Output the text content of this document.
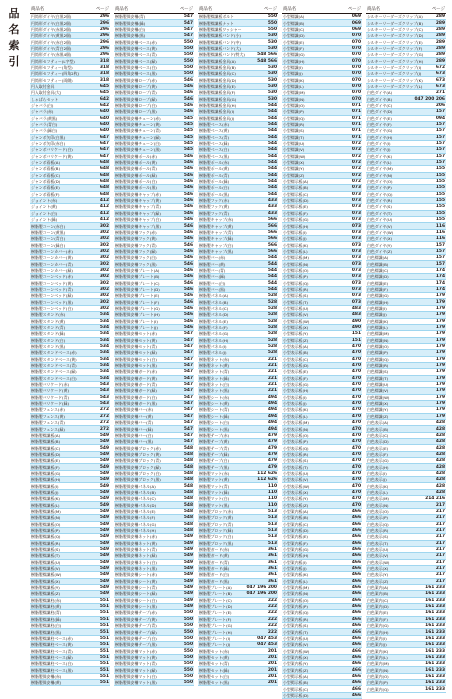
品
名
索
引
商品名	ページ
円筒形ダイヤ(白黒2個)	296
円筒形ダイヤ(白黒2個)	296
円筒形ダイヤ(赤黒2個)	296
円筒形ダイヤ(黄黒2個)	296
円筒形ダイヤ(赤白2個)	296
円筒形ダイヤ(青白2個)	296
円筒形ダイヤ(赤黒4個)	296
円筒形セフティー(L字型)	318
円筒形セフティー(角型)	318
円筒形セフティー(四角2枚)	318
円筒形セフティー(両側)	318
円入取付金具	645
円入取付金具(大)	645
しゃばらセット	642
ジャバラ(白)	642
ジャバラ(赤)	640
ジャバラ(黄黒)	640
ジャバラ(青白)	640
ジャバラ(緑白)	640
ジャンボ矢印(白黒)	647
ジャンボ矢印(赤白)	647
ジャンボバリケード(白)	647
ジャンボバリケード(黄)	647
ジャンボ看板(A)	648
ジャンボ看板(B)	648
ジャンボ看板(C)	648
ジャンボ看板(D)	648
ジャンボ看板(E)	648
ジャンボ看板(F)	648
ジョイント(赤)	412
ジョイント(黄)	412
ジョイント(白)	412
ジョイント(緑)	412
樹脂製コーン(赤白)	302
樹脂製コーン(黄黒)	302
樹脂製コーン(青白)	302
樹脂製コーン(緑白)	302
樹脂製コーンカバー(赤)	302
樹脂製コーンカバー(黄)	302
樹脂製コーンカバー(青)	302
樹脂製コーンカバー(緑)	302
樹脂製コーンベッド(赤)	302
樹脂製コーンベッド(黄)	302
樹脂製コーンベッド(青)	302
樹脂製コーンベッド(緑)	302
樹脂製コーンベッド(黒)	302
樹脂製コーンベッド(白)	302
樹脂製スタンド(赤)	534
樹脂製スタンド(黄)	534
樹脂製スタンド(青)	534
樹脂製スタンド(緑)	534
樹脂製スタンド(白)	534
樹脂製スタンド(黒)	534
樹脂製スタンドベース(赤)	534
樹脂製スタンドベース(黄)	534
樹脂製スタンドベース(青)	534
樹脂製スタンドベース(緑)	534
樹脂製スタンドベース(白)	534
樹脂製バリケード(赤)	543
樹脂製バリケード(黄)	543
樹脂製バリケード(青)	543
樹脂製バリケード(緑)	543
樹脂製フェンス(赤)	272
樹脂製フェンス(黄)	272
樹脂製フェンス(青)	272
樹脂製フェンス(緑)	272
樹脂製標識板(A)	549
樹脂製標識板(B)	549
樹脂製標識板(C)	549
樹脂製標識板(D)	549
樹脂製標識板(E)	549
樹脂製標識板(F)	549
樹脂製標識板(G)	549
樹脂製標識板(H)	549
樹脂製標識板(I)	549
樹脂製標識板(J)	549
樹脂製標識板(K)	549
樹脂製標識板(L)	549
樹脂製標識板(M)	549
樹脂製標識板(N)	549
樹脂製標識板(O)	549
樹脂製標識板(P)	549
樹脂製標識板(Q)	549
樹脂製標識板(R)	549
樹脂製標識板(S)	549
樹脂製標識板(T)	549
樹脂製標識板(U)	549
樹脂製標識板(V)	549
樹脂製標識板(W)	549
樹脂製標識板(X)	549
樹脂製標識板(Y)	549
樹脂製標識板(Z)	549
樹脂製標識柱(赤)	551
樹脂製標識柱(黄)	551
樹脂製標識柱(青)	551
樹脂製標識柱(緑)	551
樹脂製標識柱(白)	551
樹脂製標識柱(黒)	551
樹脂製標識柱ベース(赤)	551
樹脂製標識柱ベース(黄)	551
樹脂製標識柱ベース(青)	551
樹脂製標識柱ベース(緑)	551
樹脂製標識柱ベース(白)	551
樹脂製標識柱ベース(黒)	551
樹脂製保安柵(赤)	551
樹脂製保安柵(黄)	551
商品名	ページ
樹脂製保安柵(青)	547
樹脂製保安柵(緑)	547
樹脂製保安柵(白)	547
樹脂製保安柵(黒)	547
樹脂製保安柵ベース(赤)	550
樹脂製保安柵ベース(黄)	550
樹脂製保安柵ベース(青)	550
樹脂製保安柵ベース(緑)	550
樹脂製保安柵ベース(白)	550
樹脂製保安柵ベース(黒)	550
樹脂製保安柵ロープ(赤)	546
樹脂製保安柵ロープ(黄)	546
樹脂製保安柵ロープ(青)	546
樹脂製保安柵ロープ(緑)	546
樹脂製保安柵ロープ(白)	546
樹脂製保安柵ロープ(黒)	546
樹脂製保安柵チェーン(赤)	545
樹脂製保安柵チェーン(黄)	545
樹脂製保安柵チェーン(青)	545
樹脂製保安柵チェーン(緑)	545
樹脂製保安柵チェーン(白)	545
樹脂製保安柵チェーン(黒)	545
樹脂製保安柵ポール(赤)	546
樹脂製保安柵ポール(黄)	546
樹脂製保安柵ポール(青)	546
樹脂製保安柵ポール(緑)	546
樹脂製保安柵ポール(白)	546
樹脂製保安柵ポール(黒)	546
樹脂製保安柵キャップ(赤)	546
樹脂製保安柵キャップ(黄)	546
樹脂製保安柵キャップ(青)	546
樹脂製保安柵キャップ(緑)	546
樹脂製保安柵キャップ(白)	546
樹脂製保安柵キャップ(黒)	546
樹脂製保安柵フック(赤)	546
樹脂製保安柵フック(黄)	546
樹脂製保安柵フック(青)	546
樹脂製保安柵フック(緑)	546
樹脂製保安柵フック(白)	546
樹脂製保安柵フック(黒)	546
樹脂製保安柵プレート(A)	546
樹脂製保安柵プレート(B)	546
樹脂製保安柵プレート(C)	546
樹脂製保安柵プレート(D)	546
樹脂製保安柵プレート(E)	546
樹脂製保安柵プレート(F)	546
樹脂製保安柵プレート(G)	546
樹脂製保安柵プレート(H)	546
樹脂製保安柵プレート(I)	546
樹脂製保安柵プレート(J)	546
樹脂製保安柵セット(赤)	547
樹脂製保安柵セット(黄)	547
樹脂製保安柵セット(青)	547
樹脂製保安柵セット(緑)	547
樹脂製保安柵セット(白)	547
樹脂製保安柵セット(黒)	547
樹脂製保安柵ガード(赤)	547
樹脂製保安柵ガード(黄)	547
樹脂製保安柵ガード(青)	547
樹脂製保安柵ガード(緑)	547
樹脂製保安柵ガード(白)	547
樹脂製保安柵ガード(黒)	547
樹脂製保安柵バー(赤)	547
樹脂製保安柵バー(黄)	547
樹脂製保安柵バー(青)	547
樹脂製保安柵バー(緑)	547
樹脂製保安柵バー(白)	547
樹脂製保安柵バー(黒)	547
樹脂製保安柵ブロック(赤)	548
樹脂製保安柵ブロック(黄)	548
樹脂製保安柵ブロック(青)	548
樹脂製保安柵ブロック(緑)	548
樹脂製保安柵ブロック(白)	548
樹脂製保安柵ブロック(黒)	548
樹脂製保安柵パネル(A)	548
樹脂製保安柵パネル(B)	548
樹脂製保安柵パネル(C)	548
樹脂製保安柵パネル(D)	548
樹脂製保安柵パネル(E)	548
樹脂製保安柵パネル(F)	548
樹脂製保安柵パネル(G)	548
樹脂製保安柵パネル(H)	548
樹脂製保安柵ネット(赤)	549
樹脂製保安柵ネット(黄)	549
樹脂製保安柵ネット(青)	549
樹脂製保安柵ネット(緑)	549
樹脂製保安柵ネット(白)	549
樹脂製保安柵ネット(黒)	549
樹脂製保安柵シート(赤)	549
樹脂製保安柵シート(黄)	549
樹脂製保安柵シート(青)	549
樹脂製保安柵シート(緑)	549
樹脂製保安柵シート(白)	549
樹脂製保安柵シート(黒)	549
樹脂製保安柵テープ(赤)	550
樹脂製保安柵テープ(黄)	550
樹脂製保安柵テープ(青)	550
樹脂製保安柵テープ(緑)	550
樹脂製保安柵テープ(白)	550
樹脂製保安柵テープ(黒)	550
樹脂製保安柵マット(赤)	550
樹脂製保安柵マット(黄)	550
樹脂製保安柵マット(青)	550
樹脂製保安柵マット(緑)	550
樹脂製保安柵マット(白)	550
樹脂製保安柵マット(黒)	550
商品名	ページ
樹脂製標識板ボルト	550
樹脂製標識板ナット	550
樹脂製標識板ワッシャー	550
樹脂製標識板バンド(小)	530
樹脂製標識板バンド(中)	530
樹脂製標識板バンド(大)	530
樹脂製標識板バンド(特大)	548 566
樹脂製標識板金具(A)	548 566
樹脂製標識板金具(B)	530
樹脂製標識板金具(C)	530
樹脂製標識板金具(D)	530
樹脂製標識板金具(E)	530
樹脂製標識板金具(F)	530
樹脂製標識板金具(G)	530
樹脂製標識板金具(H)	544
樹脂製標識板金具(I)	544
樹脂製標識板金具(J)	544
樹脂製ベース(赤)	544
樹脂製ベース(黄)	544
樹脂製ベース(青)	544
樹脂製ベース(緑)	544
樹脂製ベース(白)	544
樹脂製ベース(黒)	544
樹脂製ポール(赤)	544
樹脂製ポール(黄)	544
樹脂製ポール(青)	544
樹脂製ポール(緑)	544
樹脂製ポール(白)	544
樹脂製ポール(黒)	544
樹脂製フック(赤)	433
樹脂製フック(黄)	433
樹脂製フック(青)	433
樹脂製キャップ(赤)	566
樹脂製キャップ(黄)	566
樹脂製キャップ(青)	566
樹脂製キャップ(緑)	566
樹脂製キャップ(白)	566
樹脂製キャップ(黒)	566
樹脂製バー(赤)	544
樹脂製バー(黄)	544
樹脂製バー(青)	544
樹脂製バー(緑)	544
樹脂製バー(白)	544
樹脂製バー(黒)	544
樹脂製パネル(A)	528
樹脂製パネル(B)	528
樹脂製パネル(C)	528
樹脂製パネル(D)	528
樹脂製パネル(E)	528
樹脂製パネル(F)	528
樹脂製パネル(G)	528
樹脂製パネル(H)	528
樹脂製パネル(I)	528
樹脂製パネル(J)	528
樹脂製ネット(赤)	221
樹脂製ネット(黄)	221
樹脂製ネット(青)	221
樹脂製ネット(緑)	221
樹脂製ネット(白)	221
樹脂製ネット(黒)	221
樹脂製シート(赤)	494
樹脂製シート(黄)	494
樹脂製シート(青)	494
樹脂製シート(緑)	494
樹脂製シート(白)	494
樹脂製シート(黒)	494
樹脂製テープ(赤)	479
樹脂製テープ(黄)	479
樹脂製テープ(青)	479
樹脂製テープ(緑)	479
樹脂製テープ(白)	479
樹脂製テープ(黒)	479
樹脂製マット(赤)	112 626
樹脂製マット(黄)	112 626
樹脂製マット(青)	110
樹脂製マット(緑)	110
樹脂製マット(白)	110
樹脂製マット(黒)	110
樹脂製ブロック(赤)	513
樹脂製ブロック(黄)	513
樹脂製ブロック(青)	513
樹脂製ブロック(緑)	513
樹脂製ブロック(白)	513
樹脂製ブロック(黒)	513
樹脂製ガード(赤)	361
樹脂製ガード(黄)	361
樹脂製ガード(青)	361
樹脂製ガード(緑)	361
樹脂製ガード(白)	361
樹脂製ガード(黒)	361
樹脂製プレート(A)	047 196 200
樹脂製プレート(B)	047 196 200
樹脂製プレート(C)	222
樹脂製プレート(D)	222
樹脂製プレート(E)	222
樹脂製プレート(F)	222
樹脂製プレート(G)	222
樹脂製プレート(H)	222
樹脂製プレート(I)	047 453
樹脂製プレート(J)	047 453
樹脂製セット(赤)	201
樹脂製セット(黄)	201
樹脂製セット(青)	201
樹脂製セット(緑)	201
樹脂製セット(白)	201
樹脂製セット(黒)	201
商品名	ページ
小型標識(A)	069
小型標識(B)	069
小型標識(C)	069
小型標識(D)	070
小型標識(E)	070
小型標識(F)	070
小型標識(G)	070
小型標識(H)	070
小型標識(I)	070
小型標識(J)	070
小型標識(K)	070
小型標識(L)	070
小型標識(M)	070
小型標識(N)	070
小型標識(O)	071
小型標識(P)	071
小型標識(Q)	071
小型標識(R)	071
小型標識(S)	071
小型標識(T)	071
小型標識(U)	072
小型標識(V)	072
小型標識(W)	072
小型標識(X)	072
小型標識(Y)	072
小型標識(Z)	072
小型標示板(A)	072
小型標示板(B)	073
小型標示板(C)	073
小型標示板(D)	073
小型標示板(E)	073
小型標示板(F)	073
小型標示板(G)	073
小型標示板(H)	073
小型標示板(I)	073
小型標示板(J)	073
小型標示板(K)	073
小型標示板(L)	073
小型標示板(M)	073
小型標示板(N)	073
小型標示板(O)	073
小型標示板(P)	073
小型標示板(Q)	073
小型標示板(R)	073
小型標示板(S)	073
小型標示板(T)	073
小型標示板(U)	483
小型標示板(V)	483
小型標示板(W)	490
小型標示板(X)	490
小型標示板(Y)	151
小型標示板(Z)	151
小型表示板(A)	470
小型表示板(B)	470
小型表示板(C)	470
小型表示板(D)	470
小型表示板(E)	470
小型表示板(F)	470
小型表示板(G)	470
小型表示板(H)	470
小型表示板(I)	470
小型表示板(J)	470
小型表示板(K)	470
小型表示板(L)	470
小型表示板(M)	470
小型表示板(N)	470
小型表示板(O)	470
小型表示板(P)	470
小型表示板(Q)	470
小型表示板(R)	470
小型表示板(S)	470
小型表示板(T)	470
小型表示板(U)	470
小型表示板(V)	470
小型表示板(W)	470
小型表示板(X)	470
小型表示板(Y)	470
小型表示板(Z)	470
小型案内板(A)	466
小型案内板(B)	466
小型案内板(C)	466
小型案内板(D)	466
小型案内板(E)	466
小型案内板(F)	466
小型案内板(G)	466
小型案内板(H)	466
小型案内板(I)	466
小型案内板(J)	466
小型案内板(K)	466
小型案内板(L)	466
小型案内板(M)	466
小型案内板(N)	466
小型案内板(O)	466
小型案内板(P)	466
小型案内板(Q)	466
小型案内板(R)	466
小型案内板(S)	466
小型案内板(T)	466
小型案内板(U)	466
小型案内板(V)	466
小型案内板(W)	466
小型案内板(X)	466
小型案内板(Y)	466
小型案内板(Z)	466
小型掲示板(A)	466
小型掲示板(B)	466
小型掲示板(C)	466
小型掲示板(D)	466
商品名	ページ
シルキーリーダーズクリップ(A)	289
シルキーリーダーズクリップ(B)	289
シルキーリーダーズクリップ(C)	289
シルキーリーダーズクリップ(D)	289
シルキーリーダーズクリップ(E)	289
シルキーリーダーズクリップ(F)	289
シルキーリーダーズクリップ(G)	289
シルキーリーダーズクリップ(H)	289
シルキーリーダーズクリップ(I)	672
シルキーリーダーズクリップ(J)	673
シルキーリーダーズクリップ(K)	673
シルキーリーダーズクリップ(L)	673
白色ダイヤ(A)	271
白色ダイヤ(B)	047 200 206
白色ダイヤ(C)	206
白色ダイヤ(D)	157
白色ダイヤ(E)	094
白色ダイヤ(F)	157
白色ダイヤ(G)	157
白色ダイヤ(H)	157
白色ダイヤ(I)	157
白色ダイヤ(J)	157
白色ダイヤ(K)	157
白色ダイヤ(L)	157
白色ダイヤ(M)	155
白色ダイヤ(N)	155
白色ダイヤ(O)	155
白色ダイヤ(P)	155
白色ダイヤ(Q)	155
白色ダイヤ(R)	155
白色ダイヤ(S)	155
白色ダイヤ(T)	155
白色ダイヤ(U)	155
白色ダイヤ(V)	116
白色ダイヤ(W)	116
白色ダイヤ(X)	116
白色ダイヤ(Y)	157
白色ダイヤ(Z)	157
白色標識(A)	157
白色標識(B)	157
白色標識(C)	174
白色標識(D)	174
白色標識(E)	174
白色標識(F)	174
白色標識(G)	179
白色標識(H)	179
白色標識(I)	179
白色標識(J)	179
白色標識(K)	179
白色標識(L)	179
白色標識(M)	179
白色標識(N)	179
白色標識(O)	179
白色標識(P)	179
白色標識(Q)	179
白色標識(R)	179
白色標識(S)	179
白色標識(T)	179
白色標識(U)	179
白色標識(V)	179
白色標識(W)	179
白色標識(X)	179
白色標識(Y)	179
白色標識(Z)	179
白色表示(A)	428
白色表示(B)	428
白色表示(C)	428
白色表示(D)	428
白色表示(E)	428
白色表示(F)	428
白色表示(G)	428
白色表示(H)	428
白色表示(I)	428
白色表示(J)	428
白色表示(K)	428
白色表示(L)	428
白色表示(M)	214 216
白色表示(N)	217
白色表示(O)	217
白色表示(P)	217
白色表示(Q)	217
白色表示(R)	217
白色表示(S)	217
白色表示(T)	217
白色表示(U)	217
白色表示(V)	217
白色表示(W)	217
白色表示(X)	217
白色表示(Y)	217
白色表示(Z)	217
白色案内(A)	161 233
白色案内(B)	161 233
白色案内(C)	161 233
白色案内(D)	161 233
白色案内(E)	161 233
白色案内(F)	161 233
白色案内(G)	161 233
白色案内(H)	161 233
白色案内(I)	161 233
白色案内(J)	161 233
白色案内(K)	161 233
白色案内(L)	161 233
白色案内(M)	161 233
白色案内(N)	161 233
白色案内(O)	161 233
白色案内(P)	161 233
白色案内(Q)	161 233
